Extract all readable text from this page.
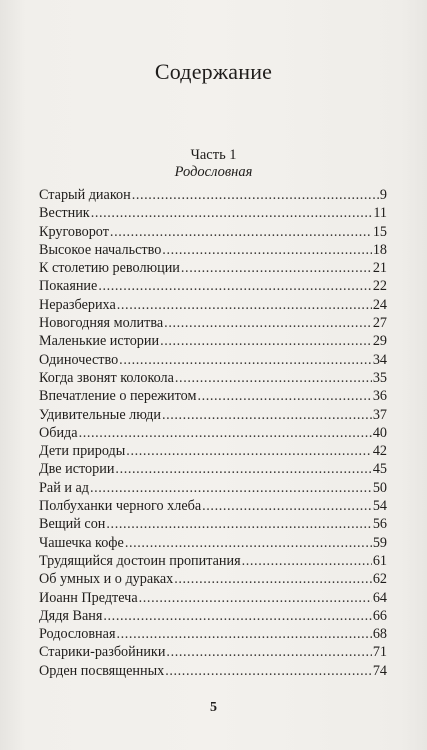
Содержание
Часть 1
Родословная
Старый диакон .....	9
Вестник .....	11
Круговорот .....	15
Высокое начальство .....	18
К столетию революции .....	21
Покаяние .....	22
Неразбериха .....	24
Новогодняя молитва .....	27
Маленькие истории .....	29
Одиночество .....	34
Когда звонят колокола .....	35
Впечатление о пережитом .....	36
Удивительные люди .....	37
Обида .....	40
Дети природы .....	42
Две истории .....	45
Рай и ад .....	50
Полбуханки черного хлеба .....	54
Вещий сон .....	56
Чашечка кофе .....	59
Трудящийся достоин пропитания .....	61
Об умных и о дураках .....	62
Иоанн Предтеча .....	64
Дядя Ваня .....	66
Родословная .....	68
Старики-разбойники .....	71
Орден посвященных .....	74
5
